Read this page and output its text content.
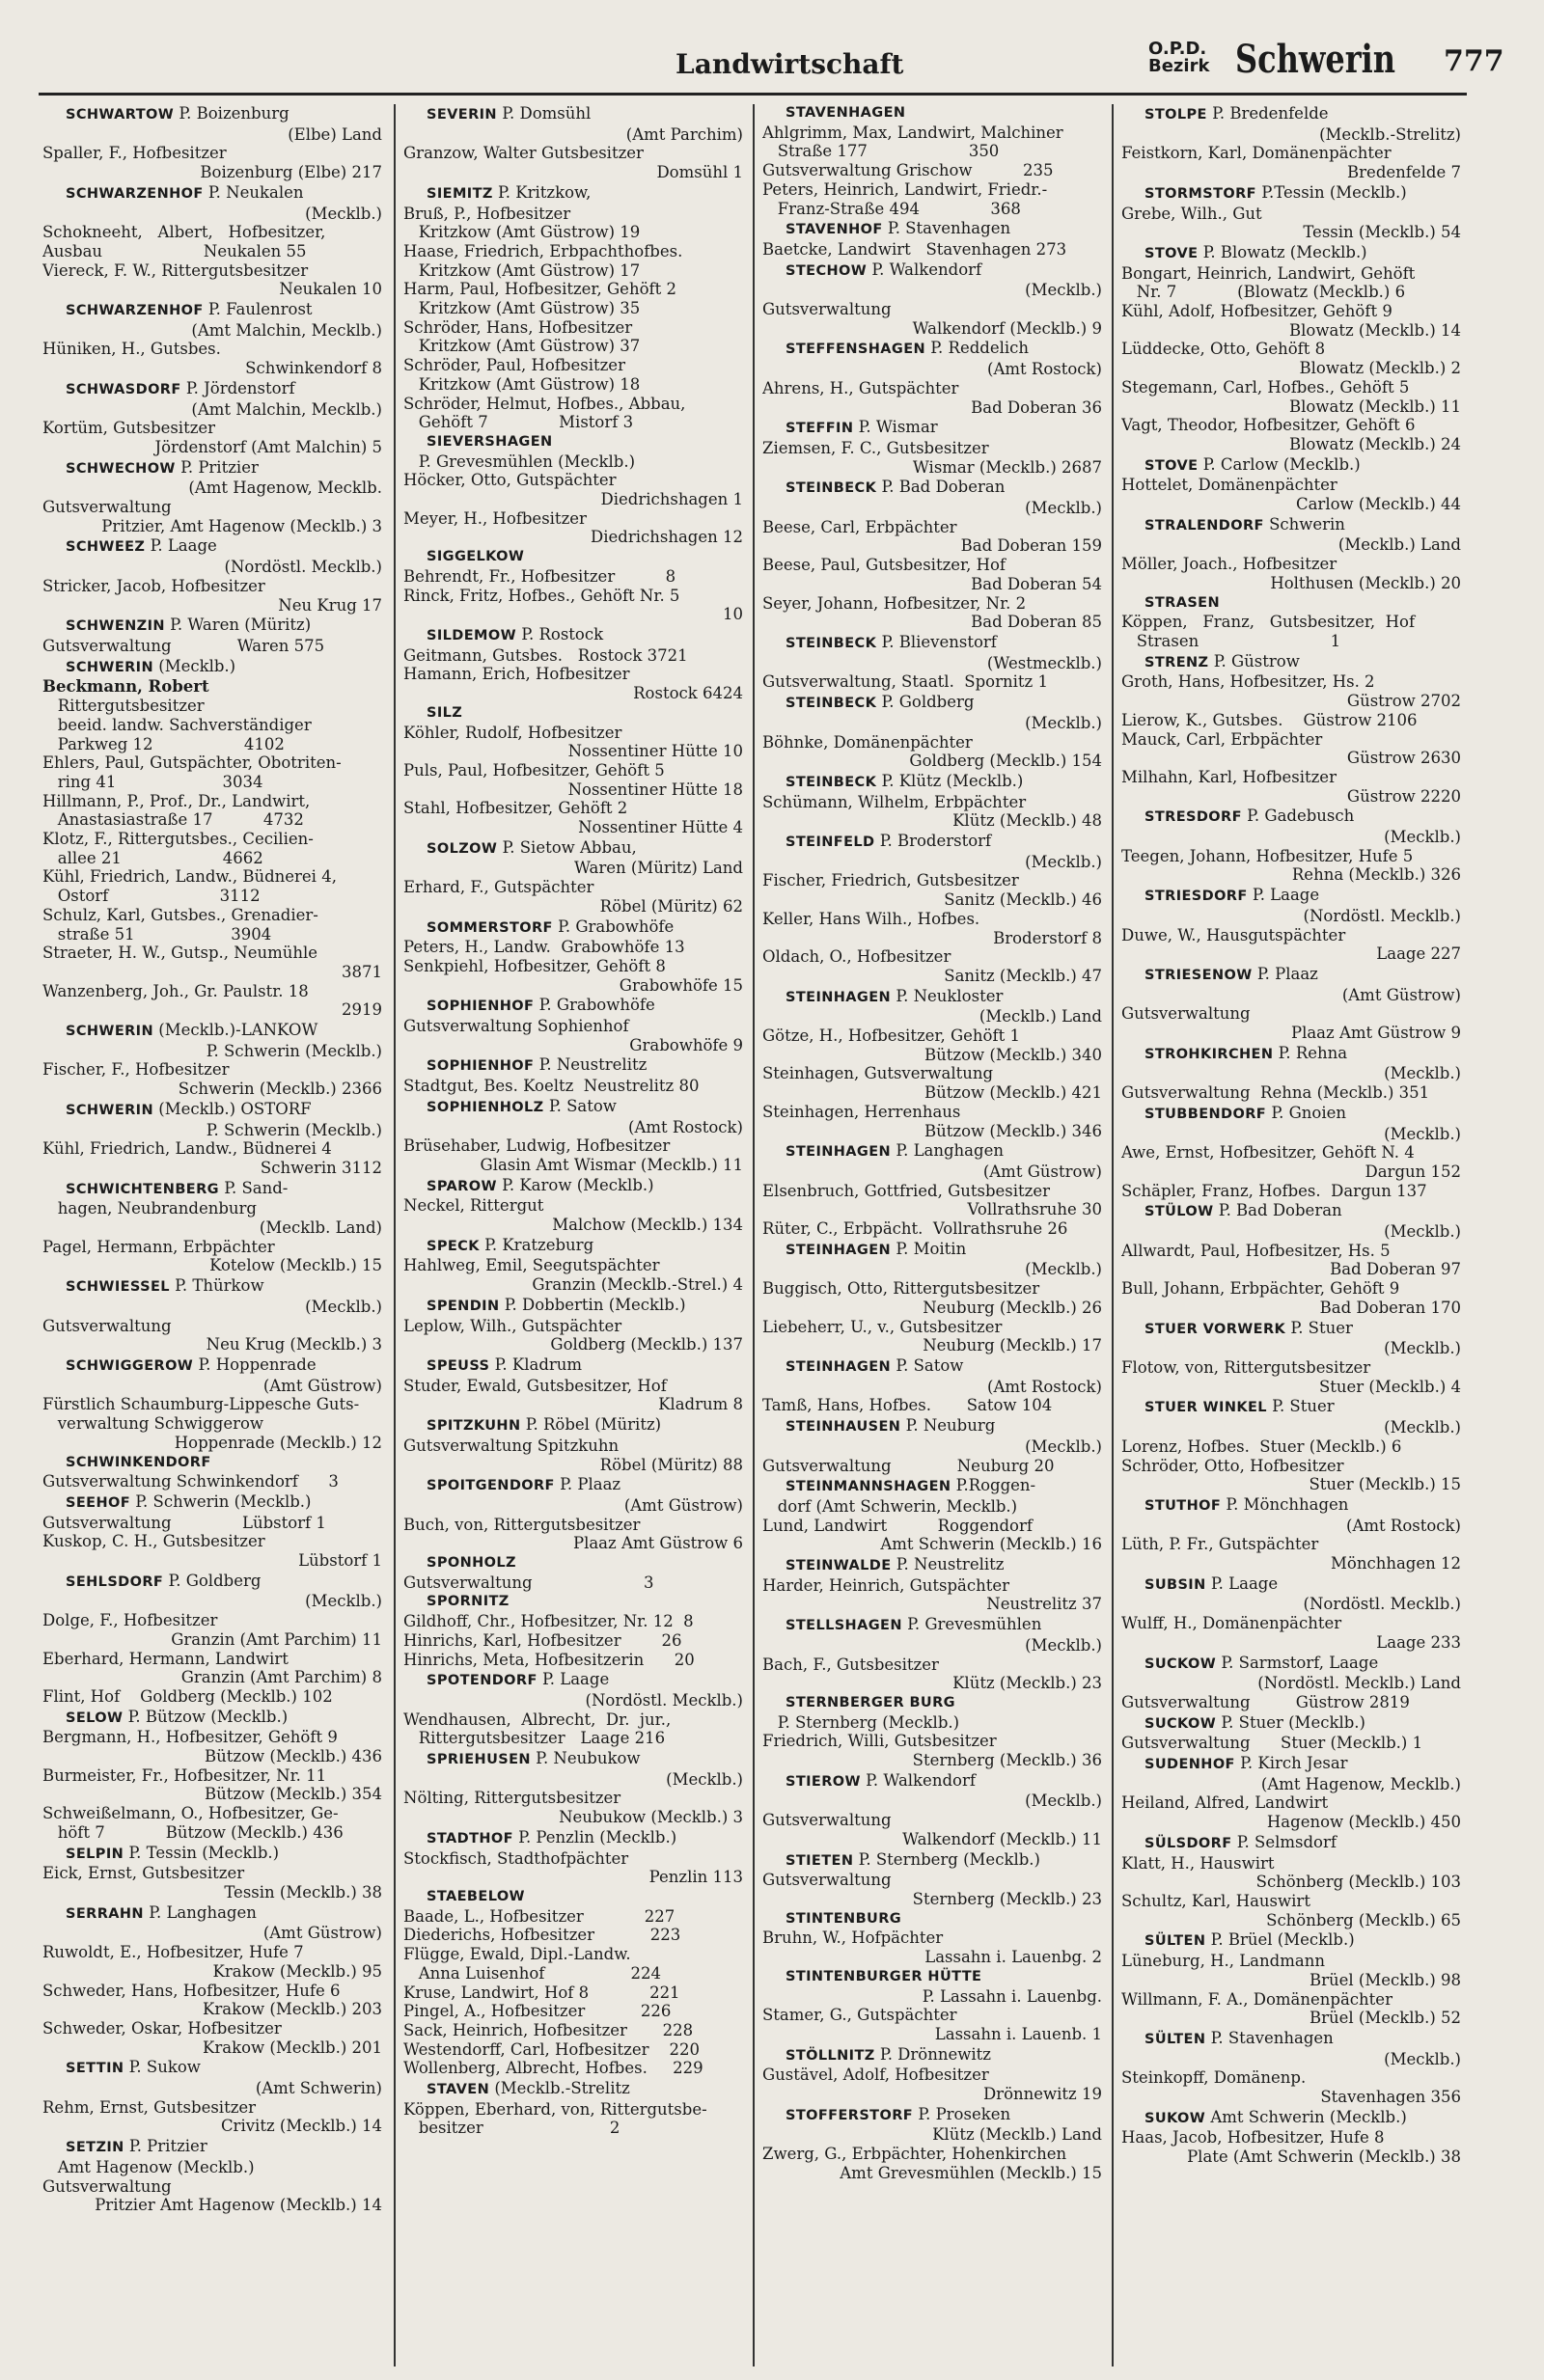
Landwirtschaft	O.P.D.
Bezirk Schwerin 777
SCHWARTOW P. Boizenburg
(Elbe) Land
Spaller, F., Hofbesitzer
Boizenburg (Elbe) 217
SCHWARZENHOF P. Neukalen
(Mecklb.)
Schokneeht,   Albert,   Hofbesitzer,
Ausbau                    Neukalen 55
Viereck, F. W., Rittergutsbesitzer
Neukalen 10
SCHWARZENHOF P. Faulenrost
(Amt Malchin, Mecklb.)
Hüniken, H., Gutsbes.
Schwinkendorf 8
SCHWASDORF P. Jördenstorf
(Amt Malchin, Mecklb.)
Kortüm, Gutsbesitzer
Jördenstorf (Amt Malchin) 5
SCHWECHOW P. Pritzier
(Amt Hagenow, Mecklb.
Gutsverwaltung
Pritzier, Amt Hagenow (Mecklb.) 3
SCHWEEZ P. Laage
(Nordöstl. Mecklb.)
Stricker, Jacob, Hofbesitzer
Neu Krug 17
SCHWENZIN P. Waren (Müritz)
Gutsverwaltung             Waren 575
SCHWERIN (Mecklb.)
Beckmann, Robert
Rittergutsbesitzer
beeid. landw. Sachverständiger
Parkweg 12                  4102
Ehlers, Paul, Gutspächter, Obotriten-
ring 41                     3034
Hillmann, P., Prof., Dr., Landwirt,
Anastasiastraße 17          4732
Klotz, F., Rittergutsbes., Cecilien-
allee 21                    4662
Kühl, Friedrich, Landw., Büdnerei 4,
Ostorf                      3112
Schulz, Karl, Gutsbes., Grenadier-
straße 51                   3904
Straeter, H. W., Gutsp., Neumühle
3871
Wanzenberg, Joh., Gr. Paulstr. 18
2919
SCHWERIN (Mecklb.)-LANKOW
P. Schwerin (Mecklb.)
Fischer, F., Hofbesitzer
Schwerin (Mecklb.) 2366
SCHWERIN (Mecklb.) OSTORF
P. Schwerin (Mecklb.)
Kühl, Friedrich, Landw., Büdnerei 4
Schwerin 3112
SCHWICHTENBERG P. Sand-
hagen, Neubrandenburg
(Mecklb. Land)
Pagel, Hermann, Erbpächter
Kotelow (Mecklb.) 15
SCHWIESSEL P. Thürkow
(Mecklb.)
Gutsverwaltung
Neu Krug (Mecklb.) 3
SCHWIGGEROW P. Hoppenrade
(Amt Güstrow)
Fürstlich Schaumburg-Lippesche Guts-
verwaltung Schwiggerow
Hoppenrade (Mecklb.) 12
SCHWINKENDORF
Gutsverwaltung Schwinkendorf      3
SEEHOF P. Schwerin (Mecklb.)
Gutsverwaltung              Lübstorf 1
Kuskop, C. H., Gutsbesitzer
Lübstorf 1
SEHLSDORF P. Goldberg
(Mecklb.)
Dolge, F., Hofbesitzer
Granzin (Amt Parchim) 11
Eberhard, Hermann, Landwirt
Granzin (Amt Parchim) 8
Flint, Hof    Goldberg (Mecklb.) 102
SELOW P. Bützow (Mecklb.)
Bergmann, H., Hofbesitzer, Gehöft 9
Bützow (Mecklb.) 436
Burmeister, Fr., Hofbesitzer, Nr. 11
Bützow (Mecklb.) 354
Schweißelmann, O., Hofbesitzer, Ge-
höft 7            Bützow (Mecklb.) 436
SELPIN P. Tessin (Mecklb.)
Eick, Ernst, Gutsbesitzer
Tessin (Mecklb.) 38
SERRAHN P. Langhagen
(Amt Güstrow)
Ruwoldt, E., Hofbesitzer, Hufe 7
Krakow (Mecklb.) 95
Schweder, Hans, Hofbesitzer, Hufe 6
Krakow (Mecklb.) 203
Schweder, Oskar, Hofbesitzer
Krakow (Mecklb.) 201
SETTIN P. Sukow
(Amt Schwerin)
Rehm, Ernst, Gutsbesitzer
Crivitz (Mecklb.) 14
SETZIN P. Pritzier
Amt Hagenow (Mecklb.)
Gutsverwaltung
Pritzier Amt Hagenow (Mecklb.) 14
SEVERIN P. Domsühl
(Amt Parchim)
Granzow, Walter Gutsbesitzer
Domsühl 1
SIEMITZ P. Kritzkow,
Bruß, P., Hofbesitzer
Kritzkow (Amt Güstrow) 19
Haase, Friedrich, Erbpachthofbes.
Kritzkow (Amt Güstrow) 17
Harm, Paul, Hofbesitzer, Gehöft 2
Kritzkow (Amt Güstrow) 35
Schröder, Hans, Hofbesitzer
Kritzkow (Amt Güstrow) 37
Schröder, Paul, Hofbesitzer
Kritzkow (Amt Güstrow) 18
Schröder, Helmut, Hofbes., Abbau,
Gehöft 7              Mistorf 3
SIEVERSHAGEN
P. Grevesmühlen (Mecklb.)
Höcker, Otto, Gutspächter
Diedrichshagen 1
Meyer, H., Hofbesitzer
Diedrichshagen 12
SIGGELKOW
Behrendt, Fr., Hofbesitzer          8
Rinck, Fritz, Hofbes., Gehöft Nr. 5
10
SILDEMOW P. Rostock
Geitmann, Gutsbes.   Rostock 3721
Hamann, Erich, Hofbesitzer
Rostock 6424
SILZ
Köhler, Rudolf, Hofbesitzer
Nossentiner Hütte 10
Puls, Paul, Hofbesitzer, Gehöft 5
Nossentiner Hütte 18
Stahl, Hofbesitzer, Gehöft 2
Nossentiner Hütte 4
SOLZOW P. Sietow Abbau,
Waren (Müritz) Land
Erhard, F., Gutspächter
Röbel (Müritz) 62
SOMMERSTORF P. Grabowhöfe
Peters, H., Landw.  Grabowhöfe 13
Senkpiehl, Hofbesitzer, Gehöft 8
Grabowhöfe 15
SOPHIENHOF P. Grabowhöfe
Gutsverwaltung Sophienhof
Grabowhöfe 9
SOPHIENHOF P. Neustrelitz
Stadtgut, Bes. Koeltz  Neustrelitz 80
SOPHIENHOLZ P. Satow
(Amt Rostock)
Brüsehaber, Ludwig, Hofbesitzer
Glasin Amt Wismar (Mecklb.) 11
SPAROW P. Karow (Mecklb.)
Neckel, Rittergut
Malchow (Mecklb.) 134
SPECK P. Kratzeburg
Hahlweg, Emil, Seegutspächter
Granzin (Mecklb.-Strel.) 4
SPENDIN P. Dobbertin (Mecklb.)
Leplow, Wilh., Gutspächter
Goldberg (Mecklb.) 137
SPEUSS P. Kladrum
Studer, Ewald, Gutsbesitzer, Hof
Kladrum 8
SPITZKUHN P. Röbel (Müritz)
Gutsverwaltung Spitzkuhn
Röbel (Müritz) 88
SPOITGENDORF P. Plaaz
(Amt Güstrow)
Buch, von, Rittergutsbesitzer
Plaaz Amt Güstrow 6
SPONHOLZ
Gutsverwaltung                      3
SPORNITZ
Gildhoff, Chr., Hofbesitzer, Nr. 12  8
Hinrichs, Karl, Hofbesitzer        26
Hinrichs, Meta, Hofbesitzerin      20
SPOTENDORF P. Laage
(Nordöstl. Mecklb.)
Wendhausen,  Albrecht,  Dr.  jur.,
Rittergutsbesitzer   Laage 216
SPRIEHUSEN P. Neubukow
(Mecklb.)
Nölting, Rittergutsbesitzer
Neubukow (Mecklb.) 3
STADTHOF P. Penzlin (Mecklb.)
Stockfisch, Stadthofpächter
Penzlin 113
STAEBELOW
Baade, L., Hofbesitzer            227
Diederichs, Hofbesitzer           223
Flügge, Ewald, Dipl.-Landw.
Anna Luisenhof                 224
Kruse, Landwirt, Hof 8            221
Pingel, A., Hofbesitzer           226
Sack, Heinrich, Hofbesitzer       228
Westendorff, Carl, Hofbesitzer    220
Wollenberg, Albrecht, Hofbes.     229
STAVEN (Mecklb.-Strelitz
Köppen, Eberhard, von, Rittergutsbe-
besitzer                         2
STAVENHAGEN
Ahlgrimm, Max, Landwirt, Malchiner
Straße 177                    350
Gutsverwaltung Grischow          235
Peters, Heinrich, Landwirt, Friedr.-
Franz-Straße 494              368
STAVENHOF P. Stavenhagen
Baetcke, Landwirt   Stavenhagen 273
STECHOW P. Walkendorf
(Mecklb.)
Gutsverwaltung
Walkendorf (Mecklb.) 9
STEFFENSHAGEN P. Reddelich
(Amt Rostock)
Ahrens, H., Gutspächter
Bad Doberan 36
STEFFIN P. Wismar
Ziemsen, F. C., Gutsbesitzer
Wismar (Mecklb.) 2687
STEINBECK P. Bad Doberan
(Mecklb.)
Beese, Carl, Erbpächter
Bad Doberan 159
Beese, Paul, Gutsbesitzer, Hof
Bad Doberan 54
Seyer, Johann, Hofbesitzer, Nr. 2
Bad Doberan 85
STEINBECK P. Blievenstorf
(Westmecklb.)
Gutsverwaltung, Staatl.  Spornitz 1
STEINBECK P. Goldberg
(Mecklb.)
Böhnke, Domänenpächter
Goldberg (Mecklb.) 154
STEINBECK P. Klütz (Mecklb.)
Schümann, Wilhelm, Erbpächter
Klütz (Mecklb.) 48
STEINFELD P. Broderstorf
(Mecklb.)
Fischer, Friedrich, Gutsbesitzer
Sanitz (Mecklb.) 46
Keller, Hans Wilh., Hofbes.
Broderstorf 8
Oldach, O., Hofbesitzer
Sanitz (Mecklb.) 47
STEINHAGEN P. Neukloster
(Mecklb.) Land
Götze, H., Hofbesitzer, Gehöft 1
Bützow (Mecklb.) 340
Steinhagen, Gutsverwaltung
Bützow (Mecklb.) 421
Steinhagen, Herrenhaus
Bützow (Mecklb.) 346
STEINHAGEN P. Langhagen
(Amt Güstrow)
Elsenbruch, Gottfried, Gutsbesitzer
Vollrathsruhe 30
Rüter, C., Erbpächt.  Vollrathsruhe 26
STEINHAGEN P. Moitin
(Mecklb.)
Buggisch, Otto, Rittergutsbesitzer
Neuburg (Mecklb.) 26
Liebeherr, U., v., Gutsbesitzer
Neuburg (Mecklb.) 17
STEINHAGEN P. Satow
(Amt Rostock)
Tamß, Hans, Hofbes.       Satow 104
STEINHAUSEN P. Neuburg
(Mecklb.)
Gutsverwaltung             Neuburg 20
STEINMANNSHAGEN P.Roggen-
dorf (Amt Schwerin, Mecklb.)
Lund, Landwirt          Roggendorf
Amt Schwerin (Mecklb.) 16
STEINWALDE P. Neustrelitz
Harder, Heinrich, Gutspächter
Neustrelitz 37
STELLSHAGEN P. Grevesmühlen
(Mecklb.)
Bach, F., Gutsbesitzer
Klütz (Mecklb.) 23
STERNBERGER BURG
P. Sternberg (Mecklb.)
Friedrich, Willi, Gutsbesitzer
Sternberg (Mecklb.) 36
STIEROW P. Walkendorf
(Mecklb.)
Gutsverwaltung
Walkendorf (Mecklb.) 11
STIETEN P. Sternberg (Mecklb.)
Gutsverwaltung
Sternberg (Mecklb.) 23
STINTENBURG
Bruhn, W., Hofpächter
Lassahn i. Lauenbg. 2
STINTENBURGER HÜTTE
P. Lassahn i. Lauenbg.
Stamer, G., Gutspächter
Lassahn i. Lauenb. 1
STÖLLNITZ P. Drönnewitz
Gustävel, Adolf, Hofbesitzer
Drönnewitz 19
STOFFERSTORF P. Proseken
Klütz (Mecklb.) Land
Zwerg, G., Erbpächter, Hohenkirchen
Amt Grevesmühlen (Mecklb.) 15
STOLPE P. Bredenfelde
(Mecklb.-Strelitz)
Feistkorn, Karl, Domänenpächter
Bredenfelde 7
STORMSTORF P.Tessin (Mecklb.)
Grebe, Wilh., Gut
Tessin (Mecklb.) 54
STOVE P. Blowatz (Mecklb.)
Bongart, Heinrich, Landwirt, Gehöft
Nr. 7            (Blowatz (Mecklb.) 6
Kühl, Adolf, Hofbesitzer, Gehöft 9
Blowatz (Mecklb.) 14
Lüddecke, Otto, Gehöft 8
Blowatz (Mecklb.) 2
Stegemann, Carl, Hofbes., Gehöft 5
Blowatz (Mecklb.) 11
Vagt, Theodor, Hofbesitzer, Gehöft 6
Blowatz (Mecklb.) 24
STOVE P. Carlow (Mecklb.)
Hottelet, Domänenpächter
Carlow (Mecklb.) 44
STRALENDORF Schwerin
(Mecklb.) Land
Möller, Joach., Hofbesitzer
Holthusen (Mecklb.) 20
STRASEN
Köppen,   Franz,   Gutsbesitzer,  Hof
Strasen                          1
STRENZ P. Güstrow
Groth, Hans, Hofbesitzer, Hs. 2
Güstrow 2702
Lierow, K., Gutsbes.    Güstrow 2106
Mauck, Carl, Erbpächter
Güstrow 2630
Milhahn, Karl, Hofbesitzer
Güstrow 2220
STRESDORF P. Gadebusch
(Mecklb.)
Teegen, Johann, Hofbesitzer, Hufe 5
Rehna (Mecklb.) 326
STRIESDORF P. Laage
(Nordöstl. Mecklb.)
Duwe, W., Hausgutspächter
Laage 227
STRIESENOW P. Plaaz
(Amt Güstrow)
Gutsverwaltung
Plaaz Amt Güstrow 9
STROHKIRCHEN P. Rehna
(Mecklb.)
Gutsverwaltung  Rehna (Mecklb.) 351
STUBBENDORF P. Gnoien
(Mecklb.)
Awe, Ernst, Hofbesitzer, Gehöft N. 4
Dargun 152
Schäpler, Franz, Hofbes.  Dargun 137
STÜLOW P. Bad Doberan
(Mecklb.)
Allwardt, Paul, Hofbesitzer, Hs. 5
Bad Doberan 97
Bull, Johann, Erbpächter, Gehöft 9
Bad Doberan 170
STUER VORWERK P. Stuer
(Mecklb.)
Flotow, von, Rittergutsbesitzer
Stuer (Mecklb.) 4
STUER WINKEL P. Stuer
(Mecklb.)
Lorenz, Hofbes.  Stuer (Mecklb.) 6
Schröder, Otto, Hofbesitzer
Stuer (Mecklb.) 15
STUTHOF P. Mönchhagen
(Amt Rostock)
Lüth, P. Fr., Gutspächter
Mönchhagen 12
SUBSIN P. Laage
(Nordöstl. Mecklb.)
Wulff, H., Domänenpächter
Laage 233
SUCKOW P. Sarmstorf, Laage
(Nordöstl. Mecklb.) Land
Gutsverwaltung         Güstrow 2819
SUCKOW P. Stuer (Mecklb.)
Gutsverwaltung      Stuer (Mecklb.) 1
SUDENHOF P. Kirch Jesar
(Amt Hagenow, Mecklb.)
Heiland, Alfred, Landwirt
Hagenow (Mecklb.) 450
SÜLSDORF P. Selmsdorf
Klatt, H., Hauswirt
Schönberg (Mecklb.) 103
Schultz, Karl, Hauswirt
Schönberg (Mecklb.) 65
SÜLTEN P. Brüel (Mecklb.)
Lüneburg, H., Landmann
Brüel (Mecklb.) 98
Willmann, F. A., Domänenpächter
Brüel (Mecklb.) 52
SÜLTEN P. Stavenhagen
(Mecklb.)
Steinkopff, Domänenp.
Stavenhagen 356
SUKOW Amt Schwerin (Mecklb.)
Haas, Jacob, Hofbesitzer, Hufe 8
Plate (Amt Schwerin (Mecklb.) 38
